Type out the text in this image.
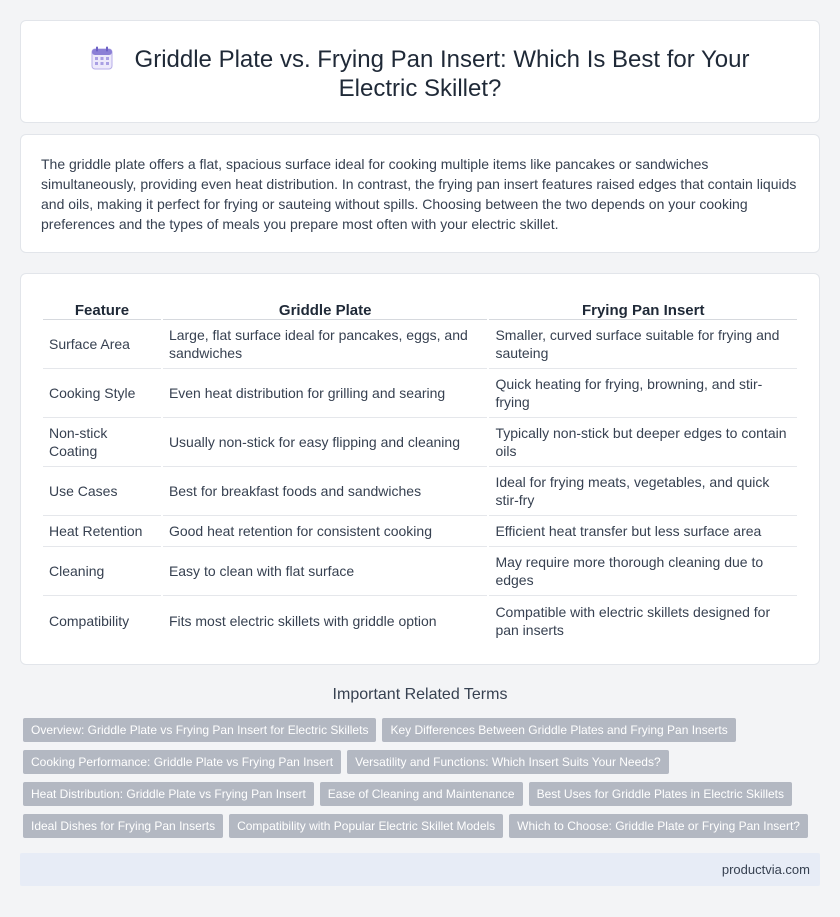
Griddle Plate vs. Frying Pan Insert: Which Is Best for Your Electric Skillet?

The griddle plate offers a flat, spacious surface ideal for cooking multiple items like pancakes or sandwiches simultaneously, providing even heat distribution. In contrast, the frying pan insert features raised edges that contain liquids and oils, making it perfect for frying or sauteing without spills. Choosing between the two depends on your cooking preferences and the types of meals you prepare most often with your electric skillet.

Feature	Griddle Plate	Frying Pan Insert
Surface Area	Large, flat surface ideal for pancakes, eggs, and sandwiches	Smaller, curved surface suitable for frying and sauteing
Cooking Style	Even heat distribution for grilling and searing	Quick heating for frying, browning, and stir-frying
Non-stick Coating	Usually non-stick for easy flipping and cleaning	Typically non-stick but deeper edges to contain oils
Use Cases	Best for breakfast foods and sandwiches	Ideal for frying meats, vegetables, and quick stir-fry
Heat Retention	Good heat retention for consistent cooking	Efficient heat transfer but less surface area
Cleaning	Easy to clean with flat surface	May require more thorough cleaning due to edges
Compatibility	Fits most electric skillets with griddle option	Compatible with electric skillets designed for pan inserts
Important Related Terms
Overview: Griddle Plate vs Frying Pan Insert for Electric Skillets Key Differences Between Griddle Plates and Frying Pan Inserts
Cooking Performance: Griddle Plate vs Frying Pan Insert Versatility and Functions: Which Insert Suits Your Needs?
Heat Distribution: Griddle Plate vs Frying Pan Insert Ease of Cleaning and Maintenance Best Uses for Griddle Plates in Electric Skillets
Ideal Dishes for Frying Pan Inserts Compatibility with Popular Electric Skillet Models Which to Choose: Griddle Plate or Frying Pan Insert?
productvia.com
